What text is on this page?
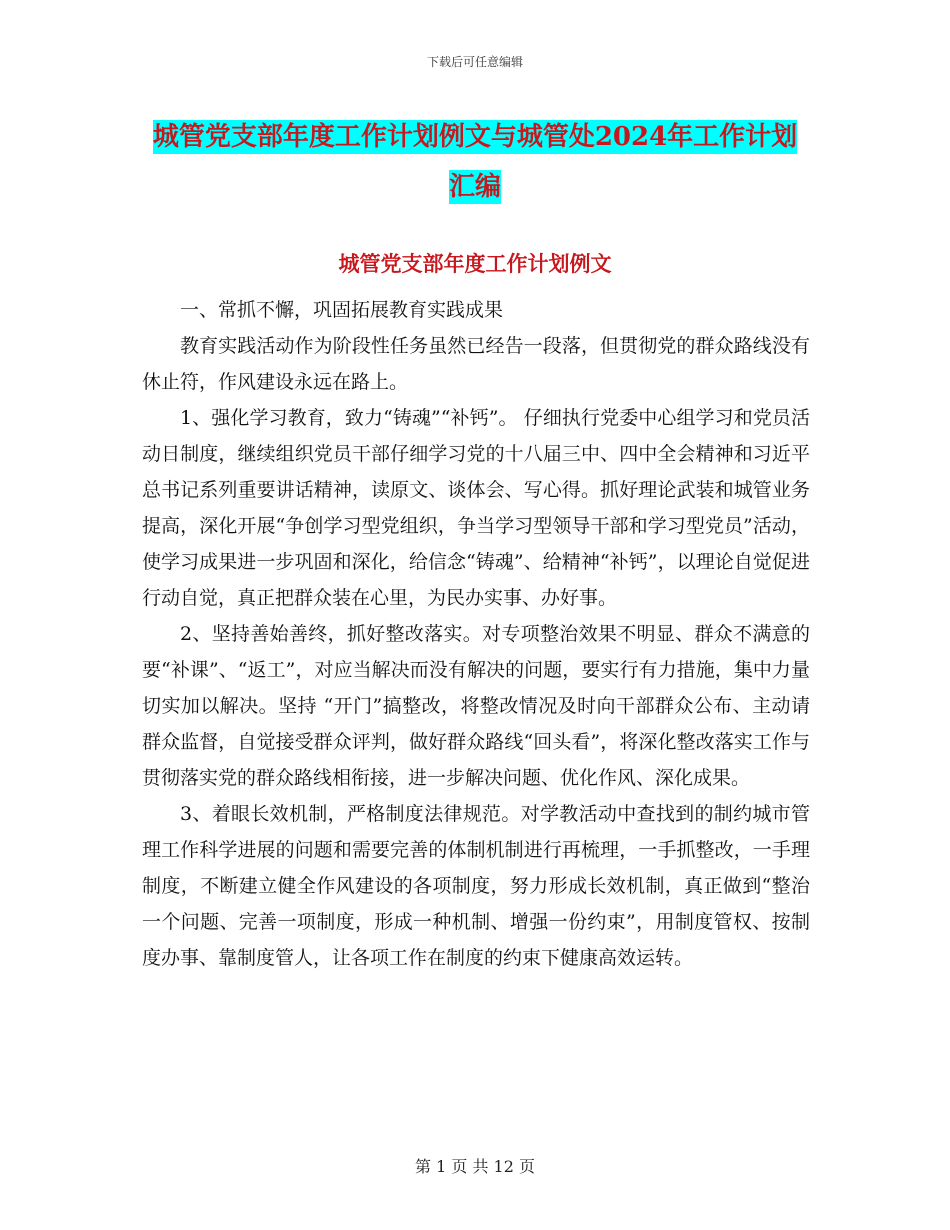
下载后可任意编辑
城管党支部年度工作计划例文与城管处2024年工作计划汇编
城管党支部年度工作计划例文

一、常抓不懈，巩固拓展教育实践成果

教育实践活动作为阶段性任务虽然已经告一段落，但贯彻党的群众路线没有休止符，作风建设永远在路上。

1、强化学习教育，致力“铸魂”“补钙”。 仔细执行党委中心组学习和党员活动日制度，继续组织党员干部仔细学习党的十八届三中、四中全会精神和习近平总书记系列重要讲话精神，读原文、谈体会、写心得。抓好理论武装和城管业务提高，深化开展“争创学习型党组织，争当学习型领导干部和学习型党员”活动，使学习成果进一步巩固和深化，给信念“铸魂”、给精神“补钙”，以理论自觉促进行动自觉，真正把群众装在心里，为民办实事、办好事。

2、坚持善始善终，抓好整改落实。对专项整治效果不明显、群众不满意的要“补课”、“返工”，对应当解决而没有解决的问题，要实行有力措施，集中力量切实加以解决。坚持 “开门”搞整改，将整改情况及时向干部群众公布、主动请群众监督，自觉接受群众评判，做好群众路线“回头看”，将深化整改落实工作与贯彻落实党的群众路线相衔接，进一步解决问题、优化作风、深化成果。

3、着眼长效机制，严格制度法律规范。对学教活动中查找到的制约城市管理工作科学进展的问题和需要完善的体制机制进行再梳理，一手抓整改，一手理制度，不断建立健全作风建设的各项制度，努力形成长效机制，真正做到“整治一个问题、完善一项制度，形成一种机制、增强一份约束”，用制度管权、按制度办事、靠制度管人，让各项工作在制度的约束下健康高效运转。

第 1 页 共 12 页
